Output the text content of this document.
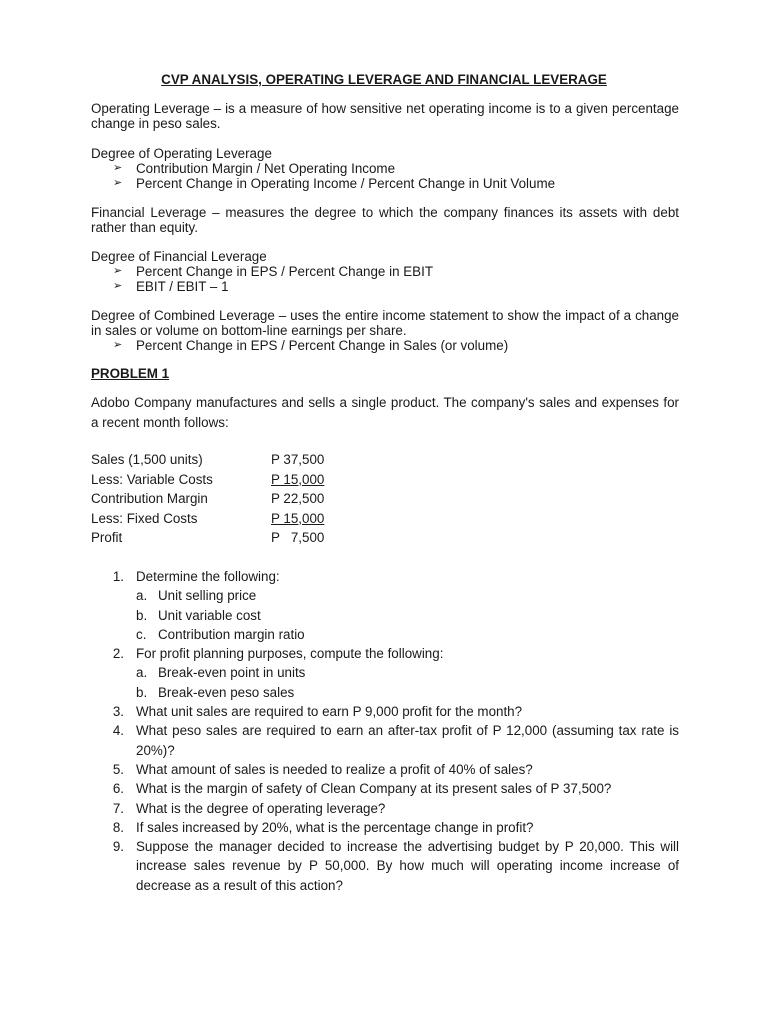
CVP ANALYSIS, OPERATING LEVERAGE AND FINANCIAL LEVERAGE
Operating Leverage – is a measure of how sensitive net operating income is to a given percentage change in peso sales.
Degree of Operating Leverage
➢ Contribution Margin / Net Operating Income
➢ Percent Change in Operating Income / Percent Change in Unit Volume
Financial Leverage – measures the degree to which the company finances its assets with debt rather than equity.
Degree of Financial Leverage
➢ Percent Change in EPS / Percent Change in EBIT
➢ EBIT / EBIT – 1
Degree of Combined Leverage – uses the entire income statement to show the impact of a change in sales or volume on bottom-line earnings per share.
➢ Percent Change in EPS / Percent Change in Sales (or volume)
PROBLEM 1
Adobo Company manufactures and sells a single product. The company's sales and expenses for a recent month follows:
Sales (1,500 units)	P 37,500
Less: Variable Costs	P 15,000
Contribution Margin	P 22,500
Less: Fixed Costs	P 15,000
Profit	P   7,500
1. Determine the following:
a. Unit selling price
b. Unit variable cost
c. Contribution margin ratio
2. For profit planning purposes, compute the following:
a. Break-even point in units
b. Break-even peso sales
3. What unit sales are required to earn P 9,000 profit for the month?
4. What peso sales are required to earn an after-tax profit of P 12,000 (assuming tax rate is 20%)?
5. What amount of sales is needed to realize a profit of 40% of sales?
6. What is the margin of safety of Clean Company at its present sales of P 37,500?
7. What is the degree of operating leverage?
8. If sales increased by 20%, what is the percentage change in profit?
9. Suppose the manager decided to increase the advertising budget by P 20,000. This will increase sales revenue by P 50,000. By how much will operating income increase of decrease as a result of this action?
